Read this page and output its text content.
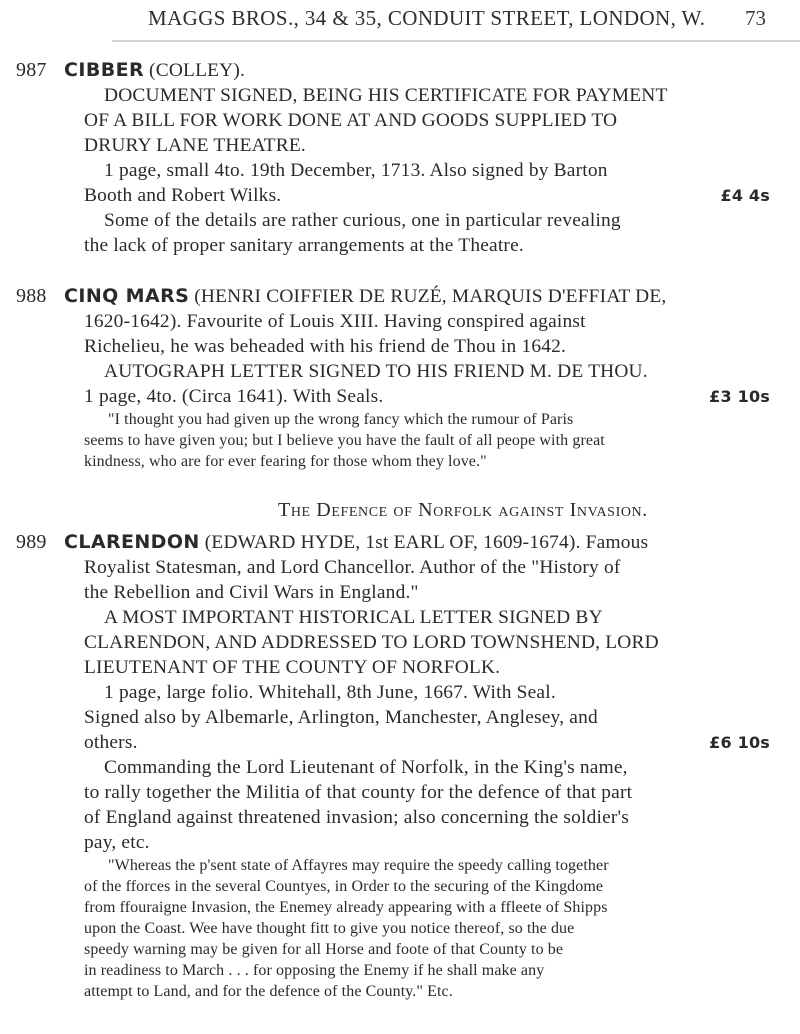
MAGGS BROS., 34 & 35, CONDUIT STREET, LONDON, W.	73
987 CIBBER (COLLEY).
DOCUMENT SIGNED, BEING HIS CERTIFICATE FOR PAYMENT
OF A BILL FOR WORK DONE AT AND GOODS SUPPLIED TO
DRURY LANE THEATRE.
1 page, small 4to. 19th December, 1713. Also signed by Barton
Booth and Robert Wilks.	£4 4s
Some of the details are rather curious, one in particular revealing
the lack of proper sanitary arrangements at the Theatre.
988 CINQ MARS (HENRI COIFFIER DE RUZÉ, MARQUIS D'EFFIAT DE,
1620-1642). Favourite of Louis XIII. Having conspired against
Richelieu, he was beheaded with his friend de Thou in 1642.
AUTOGRAPH LETTER SIGNED TO HIS FRIEND M. DE THOU.
1 page, 4to. (Circa 1641). With Seals.	£3 10s
"I thought you had given up the wrong fancy which the rumour of Paris
seems to have given you; but I believe you have the fault of all peope with great
kindness, who are for ever fearing for those whom they love."
The Defence of Norfolk against Invasion.
989 CLARENDON (EDWARD HYDE, 1st EARL OF, 1609-1674). Famous
Royalist Statesman, and Lord Chancellor. Author of the "History of
the Rebellion and Civil Wars in England."
A MOST IMPORTANT HISTORICAL LETTER SIGNED BY
CLARENDON, AND ADDRESSED TO LORD TOWNSHEND, LORD
LIEUTENANT OF THE COUNTY OF NORFOLK.
1 page, large folio. Whitehall, 8th June, 1667. With Seal.
Signed also by Albemarle, Arlington, Manchester, Anglesey, and
others.	£6 10s
Commanding the Lord Lieutenant of Norfolk, in the King's name,
to rally together the Militia of that county for the defence of that part
of England against threatened invasion; also concerning the soldier's
pay, etc.
"Whereas the p'sent state of Affayres may require the speedy calling together
of the fforces in the several Countyes, in Order to the securing of the Kingdome
from ffouraigne Invasion, the Enemey already appearing with a ffleete of Shipps
upon the Coast. Wee have thought fitt to give you notice thereof, so the due
speedy warning may be given for all Horse and foote of that County to be
in readiness to March . . . for opposing the Enemy if he shall make any
attempt to Land, and for the defence of the County." Etc.
